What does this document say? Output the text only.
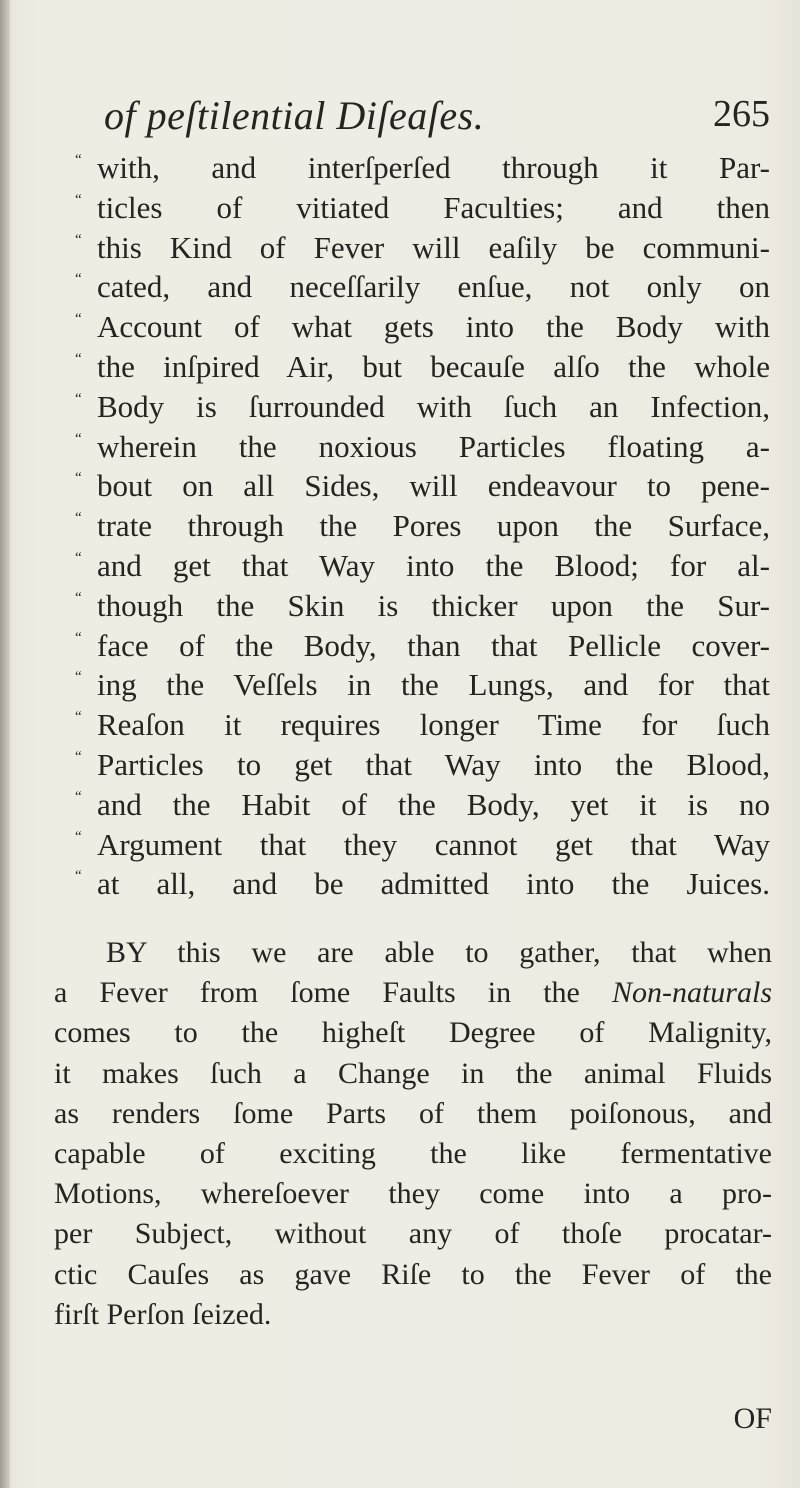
of peſtilential Diſeaſes.	265
“ with, and interſperſed through it Par-
“ ticles of vitiated Faculties; and then
“ this Kind of Fever will eaſily be communi-
“ cated, and neceſſarily enſue, not only on
“ Account of what gets into the Body with
“ the inſpired Air, but becauſe alſo the whole
“ Body is ſurrounded with ſuch an Infection,
“ wherein the noxious Particles floating a-
“ bout on all Sides, will endeavour to pene-
“ trate through the Pores upon the Surface,
“ and get that Way into the Blood; for al-
“ though the Skin is thicker upon the Sur-
“ face of the Body, than that Pellicle cover-
“ ing the Veſſels in the Lungs, and for that
“ Reaſon it requires longer Time for ſuch
“ Particles to get that Way into the Blood,
“ and the Habit of the Body, yet it is no
“ Argument that they cannot get that Way
“ at all, and be admitted into the Juices.
BY this we are able to gather, that when
a Fever from ſome Faults in the Non-naturals
comes to the higheſt Degree of Malignity,
it makes ſuch a Change in the animal Fluids
as renders ſome Parts of them poiſonous, and
capable of exciting the like fermentative
Motions, whereſoever they come into a pro-
per Subject, without any of thoſe procatar-
ctic Cauſes as gave Riſe to the Fever of the
firſt Perſon ſeized.
OF
